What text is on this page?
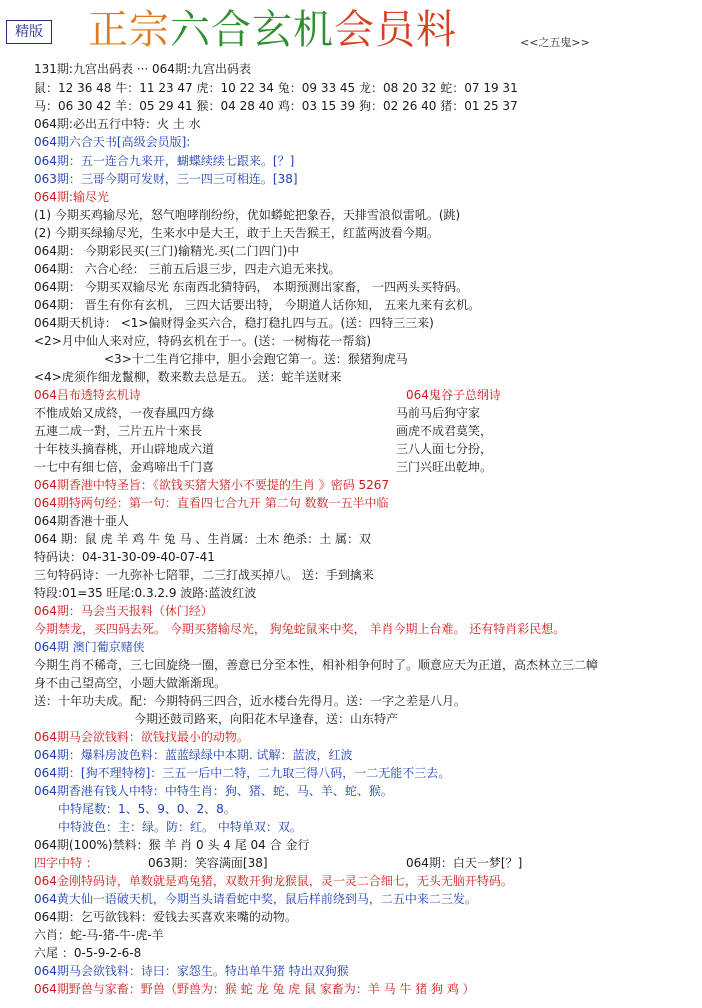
精版 正宗六合玄机会员料	<<之五鬼>>
131期:九宫出码表 ··· 064期:九宫出码表
鼠：12 36 48 牛：11 23 47 虎：10 22 34 兔：09 33 45 龙：08 20 32 蛇：07 19 31
马：06 30 42 羊：05 29 41 猴：04 28 40 鸡：03 15 39 狗：02 26 40 猪：01 25 37
064期:必出五行中特：火 土 水
064期六合天书[高级会员版]:
064期：五一连合九来开，蝴蝶续续七跟来。[？]
063期：三哥今期可发财，三一四三可相连。[38]
064期:输尽光
(1) 今期买鸡输尽光，怒气咆哮削纷纷，优如蟒蛇把象吞，天排雪浪似雷吼。(跳)
(2) 今期买绿输尽光，生来水中是大王，敢于上天告猴王，红蓝两波看今期。
064期： 今期彩民买(三门)输精光.买(二门四门)中
064期： 六合心经： 三前五后退三步，四走六追无来找。
064期： 今期买双输尽光 东南西北猜特码， 本期预测出家畜， 一四两头买特码。
064期： 晋生有你有玄机， 三四大话要出特， 今期道人话你知， 五来九来有玄机。
064期天机诗： <1>偏财得金买六合，稳打稳扎四与五。(送：四特三三来)
<2>月中仙人来对应，特码玄机在于一。(送：一树梅花一帮翁)
<3>十二生肖它排中，胆小会跑它第一。送：猴猪狗虎马
<4>虎须作细龙鬣柳，数来数去总是五。 送：蛇羊送财来
064吕布透特玄机诗	064鬼谷子总纲诗
不惟成始又成終，一夜春風四方綠	马前马后狗守家
五連二成一對，三片五片十來長	画虎不成君莫笑，
十年枝头摘春桃，开山辟地成六道	三八人面七分扮，
一七中有细七倍，金鸡啼出千门喜	三门兴旺出乾坤。
064期香港中特圣旨：《欲钱买猪大猪小不要提的生肖 》密码 5267
064期特两句经：第一句：直看四七合九开 第二句 数数一五半中临
064期香港十亜人
064 期：鼠 虎 羊 鸡 牛 兔 马 、生肖属：土木 绝杀：土 属：双
特码诀：04-31-30-09-40-07-41
三句特码诗：一九弥补七陪罪，二三打战买掉八。 送：手到擒来
特段:01=35 旺尾:0.3.2.9 波路:蓝波红波
064期：马会当天报料（休门经）
今期禁龙，买四码去死。 今期买猪输尽光， 狗兔蛇鼠来中奖， 羊肖今期上台难。 还有特肖彩民想。
064期 澳门葡京赌侠
今期生肖不稀奇，三七回旋绕一圈，善意已分至本性，相补相争何时了。顺意应天为正道，高杰林立三二幛
身不由己望高空，小题大做渐渐现。
送：十年功夫成。配：今期特码三四合，近水楼台先得月。送：一字之差是八月。
今期还鼓司路来，向阳花木早逢春，送：山东特产
064期马会欲钱料：欲钱找最小的动物。
064期：爆料房波色料：蓝蓝绿绿中本期. 试解：蓝波，红波
064期：[狗不理特榜]：三五一后中二特，二九取三得八码，一二无能不三去。
064期香港有钱人中特：中特生肖：狗、猪、蛇、马、羊、蛇、猴。
中特尾数：1、5、9、0、2、8。
中特波色：主：绿。防：红。 中特单双：双。
064期(100%)禁料：猴 羊 肖 0 头 4 尾 04 合 金行
四字中特 ：	063期：笑容满面[38]	064期：白天一梦[？]
064金刚特码诗，单数就是鸡兔猪，双数开狗龙猴鼠，灵一灵二合细七，无头无脑开特码。
064黄大仙一语破天机，今期当头请看蛇中奖，鼠后样前绕到马，二五中来二三发。
064期：乞丐欲钱料：爱钱去买喜欢来嘴的动物。
六肖：蛇-马-猪-牛-虎-羊
六尾 ：0-5-9-2-6-8
064期马会欲钱料：诗曰：家怨生。特出单牛猪 特出双狗猴
064期野兽与家畜：野兽（野兽为：猴 蛇 龙 兔 虎 鼠 家畜为：羊 马 牛 猪 狗 鸡 ）
